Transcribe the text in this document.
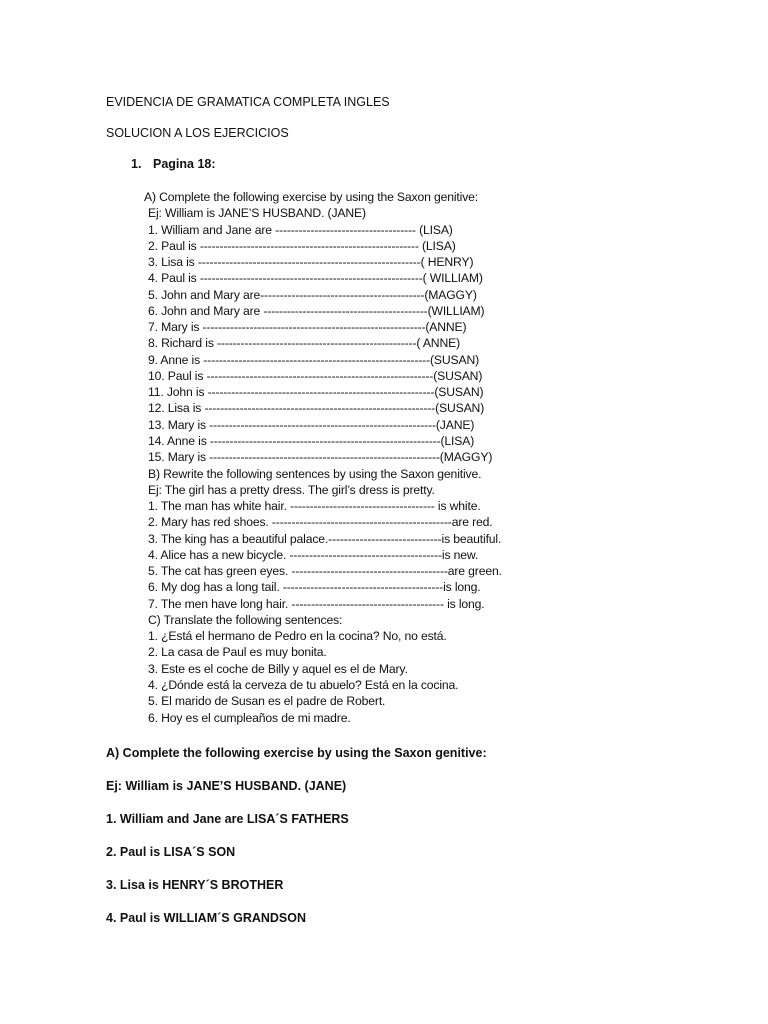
EVIDENCIA DE GRAMATICA COMPLETA INGLES
SOLUCION A LOS EJERCICIOS
1. Pagina 18:
A) Complete the following exercise by using the Saxon genitive:
Ej: William is JANE’S HUSBAND. (JANE)
1. William and Jane are ------------------------------------ (LISA)
2. Paul is -------------------------------------------------------- (LISA)
3. Lisa is ---------------------------------------------------------( HENRY)
4. Paul is ---------------------------------------------------------( WILLIAM)
5. John and Mary are------------------------------------------(MAGGY)
6. John and Mary are ------------------------------------------(WILLIAM)
7. Mary is ---------------------------------------------------------(ANNE)
8. Richard is ---------------------------------------------------( ANNE)
9. Anne is ----------------------------------------------------------(SUSAN)
10. Paul is ----------------------------------------------------------(SUSAN)
11. John is ----------------------------------------------------------(SUSAN)
12. Lisa is -----------------------------------------------------------(SUSAN)
13. Mary is ----------------------------------------------------------(JANE)
14. Anne is -----------------------------------------------------------(LISA)
15. Mary is -----------------------------------------------------------(MAGGY)
B) Rewrite the following sentences by using the Saxon genitive.
Ej: The girl has a pretty dress. The girl’s dress is pretty.
1. The man has white hair. ------------------------------------- is white.
2. Mary has red shoes. ----------------------------------------------are red.
3. The king has a beautiful palace.-----------------------------is beautiful.
4. Alice has a new bicycle. ---------------------------------------is new.
5. The cat has green eyes. ----------------------------------------are green.
6. My dog has a long tail. -----------------------------------------is long.
7. The men have long hair. --------------------------------------- is long.
C) Translate the following sentences:
1. ¿Está el hermano de Pedro en la cocina? No, no está.
2. La casa de Paul es muy bonita.
3. Este es el coche de Billy y aquel es el de Mary.
4. ¿Dónde está la cerveza de tu abuelo? Está en la cocina.
5. El marido de Susan es el padre de Robert.
6. Hoy es el cumpleaños de mi madre.
A) Complete the following exercise by using the Saxon genitive:
Ej: William is JANE’S HUSBAND. (JANE)
1. William and Jane are LISA´S FATHERS
2. Paul is LISA´S SON
3. Lisa is HENRY´S BROTHER
4. Paul is WILLIAM´S GRANDSON
